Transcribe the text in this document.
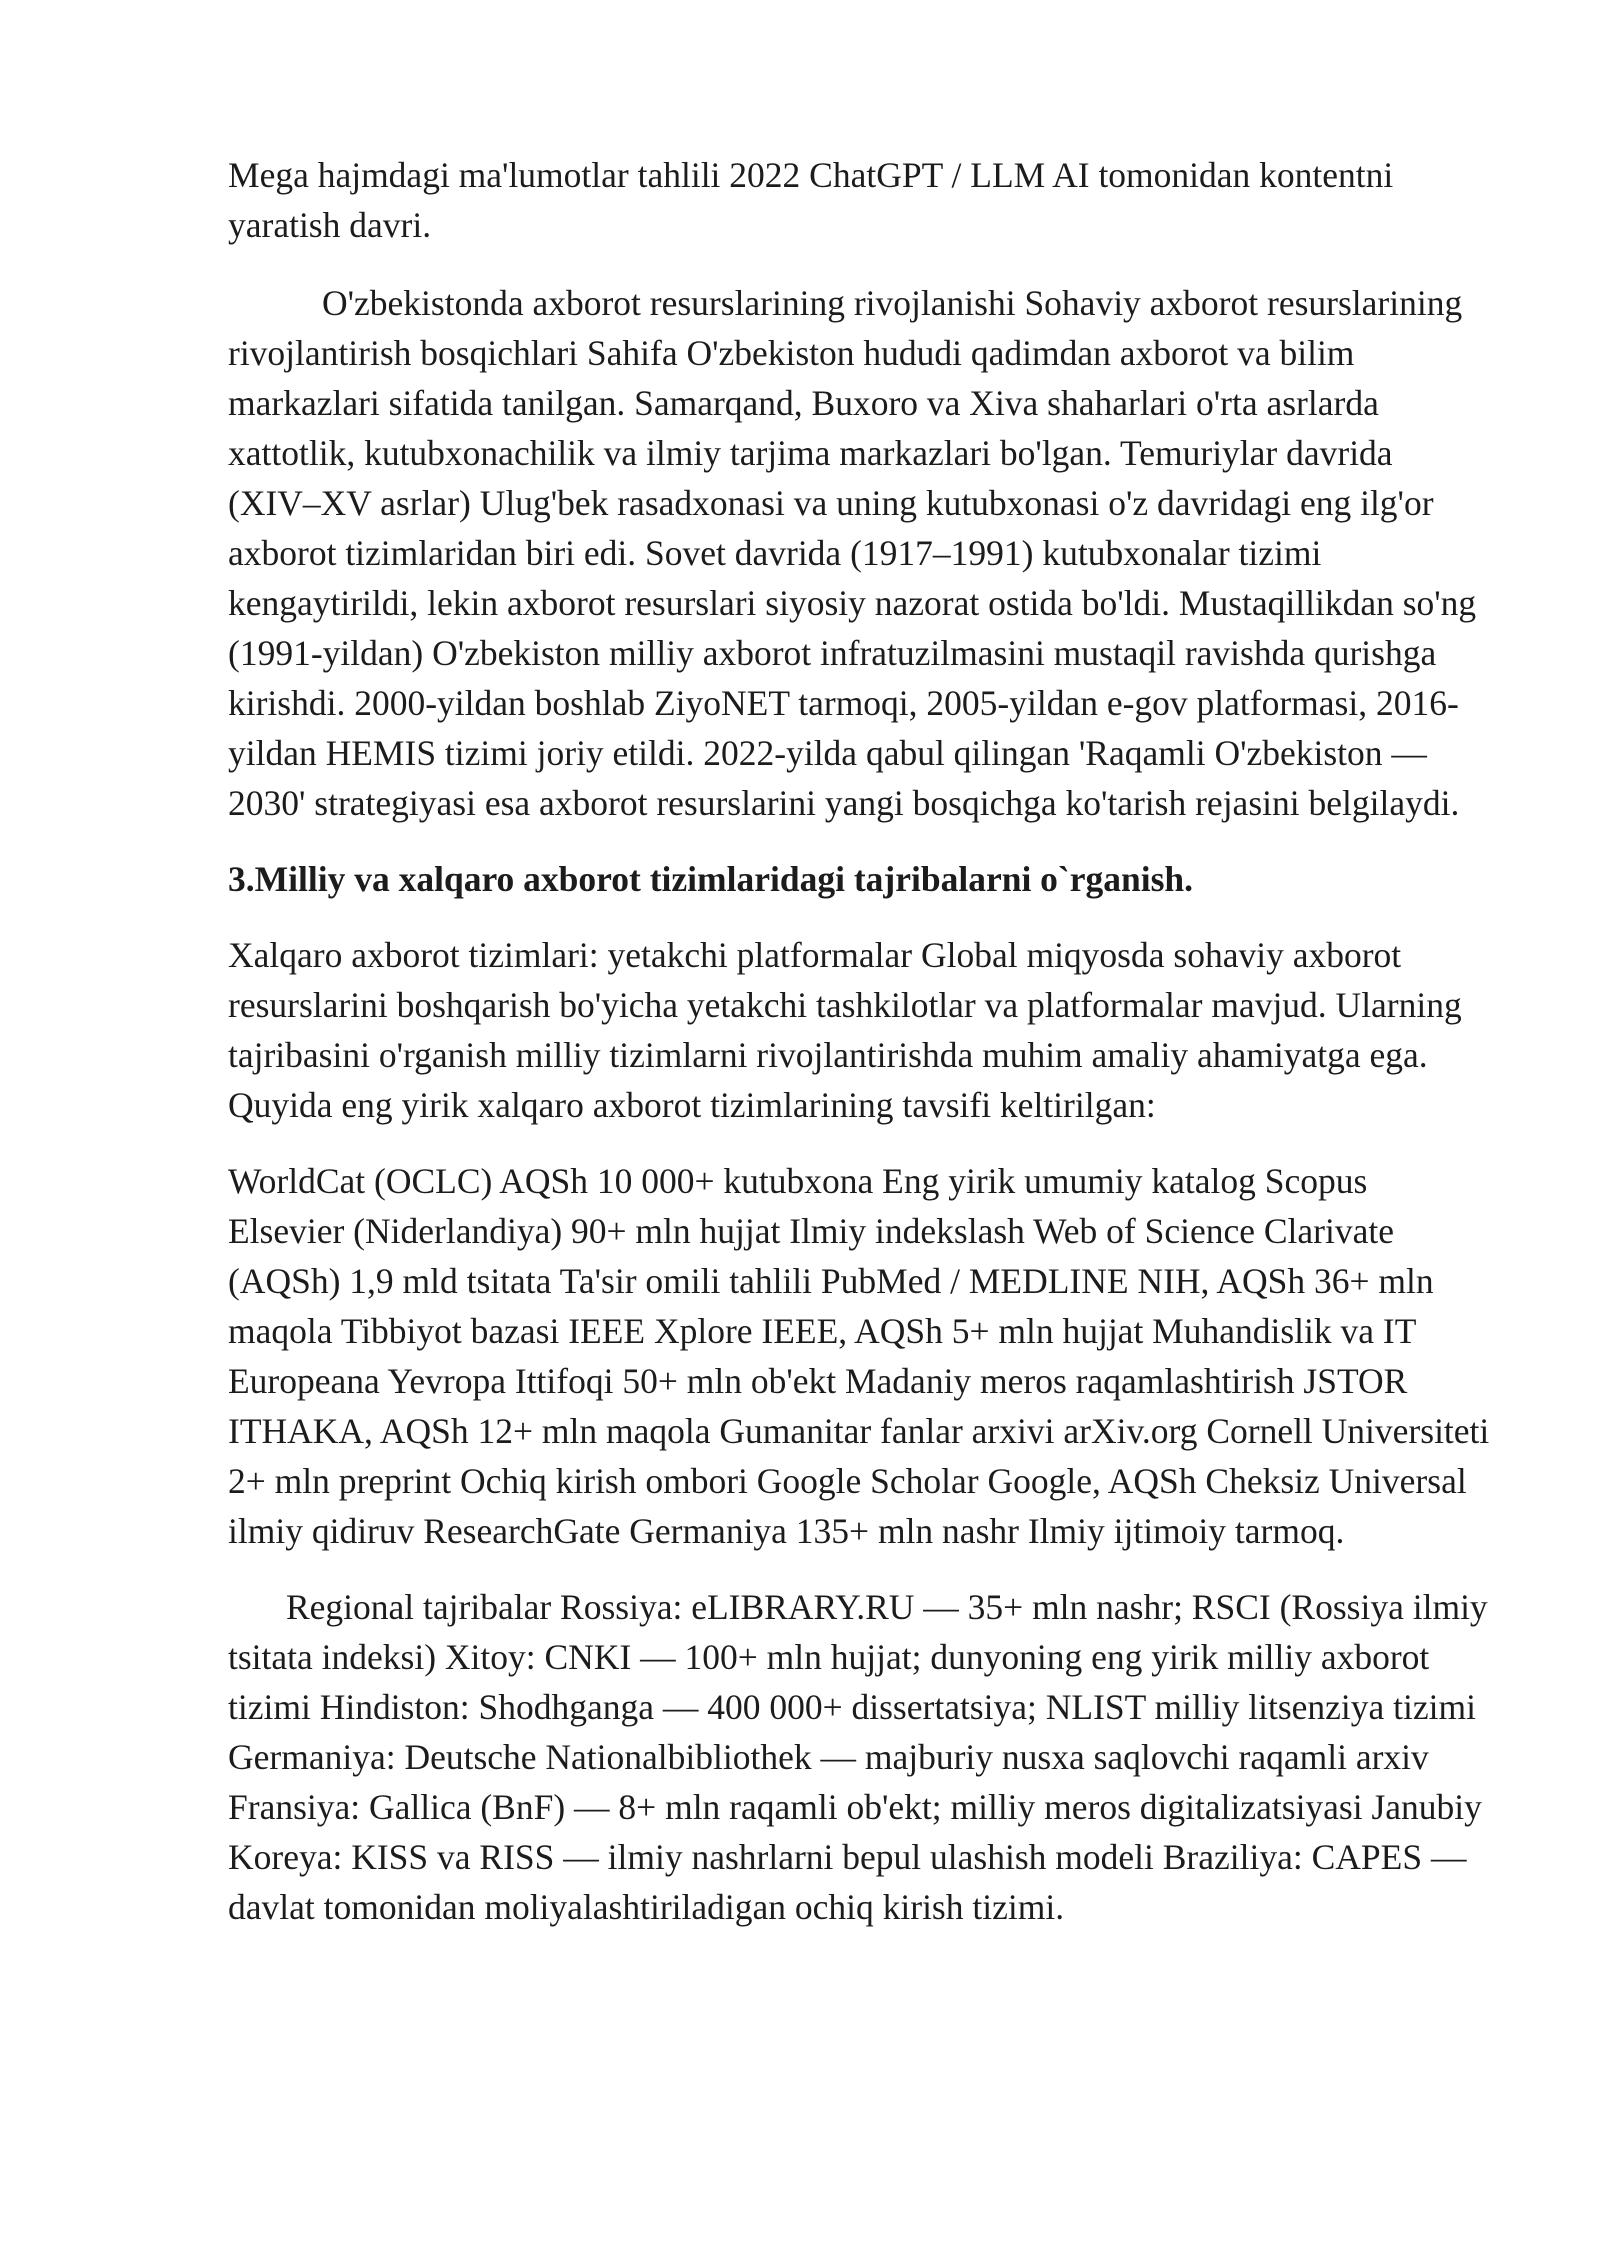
Mega hajmdagi ma'lumotlar tahlili 2022 ChatGPT / LLM AI tomonidan kontentni yaratish davri.

O'zbekistonda axborot resurslarining rivojlanishi Sohaviy axborot resurslarining rivojlantirish bosqichlari Sahifa O'zbekiston hududi qadimdan axborot va bilim markazlari sifatida tanilgan. Samarqand, Buxoro va Xiva shaharlari o'rta asrlarda xattotlik, kutubxonachilik va ilmiy tarjima markazlari bo'lgan. Temuriylar davrida (XIV–XV asrlar) Ulug'bek rasadxonasi va uning kutubxonasi o'z davridagi eng ilg'or axborot tizimlaridan biri edi. Sovet davrida (1917–1991) kutubxonalar tizimi kengaytirildi, lekin axborot resurslari siyosiy nazorat ostida bo'ldi. Mustaqillikdan so'ng (1991-yildan) O'zbekiston milliy axborot infratuzilmasini mustaqil ravishda qurishga kirishdi. 2000-yildan boshlab ZiyoNET tarmoqi, 2005-yildan e-gov platformasi, 2016-yildan HEMIS tizimi joriy etildi. 2022-yilda qabul qilingan 'Raqamli O'zbekiston — 2030' strategiyasi esa axborot resurslarini yangi bosqichga ko'tarish rejasini belgilaydi.

3.Milliy va xalqaro axborot tizimlaridagi tajribalarni o`rganish.

Xalqaro axborot tizimlari: yetakchi platformalar Global miqyosda sohaviy axborot resurslarini boshqarish bo'yicha yetakchi tashkilotlar va platformalar mavjud. Ularning tajribasini o'rganish milliy tizimlarni rivojlantirishda muhim amaliy ahamiyatga ega. Quyida eng yirik xalqaro axborot tizimlarining tavsifi keltirilgan:

WorldCat (OCLC) AQSh 10 000+ kutubxona Eng yirik umumiy katalog Scopus Elsevier (Niderlandiya) 90+ mln hujjat Ilmiy indekslash Web of Science Clarivate (AQSh) 1,9 mld tsitata Ta'sir omili tahlili PubMed / MEDLINE NIH, AQSh 36+ mln maqola Tibbiyot bazasi IEEE Xplore IEEE, AQSh 5+ mln hujjat Muhandislik va IT Europeana Yevropa Ittifoqi 50+ mln ob'ekt Madaniy meros raqamlashtirish JSTOR ITHAKA, AQSh 12+ mln maqola Gumanitar fanlar arxivi arXiv.org Cornell Universiteti 2+ mln preprint Ochiq kirish ombori Google Scholar Google, AQSh Cheksiz Universal ilmiy qidiruv ResearchGate Germaniya 135+ mln nashr Ilmiy ijtimoiy tarmoq.

Regional tajribalar Rossiya: eLIBRARY.RU — 35+ mln nashr; RSCI (Rossiya ilmiy tsitata indeksi) Xitoy: CNKI — 100+ mln hujjat; dunyoning eng yirik milliy axborot tizimi Hindiston: Shodhganga — 400 000+ dissertatsiya; NLIST milliy litsenziya tizimi Germaniya: Deutsche Nationalbibliothek — majburiy nusxa saqlovchi raqamli arxiv Fransiya: Gallica (BnF) — 8+ mln raqamli ob'ekt; milliy meros digitalizatsiyasi Janubiy Koreya: KISS va RISS — ilmiy nashrlarni bepul ulashish modeli Braziliya: CAPES — davlat tomonidan moliyalashtiriladigan ochiq kirish tizimi.
